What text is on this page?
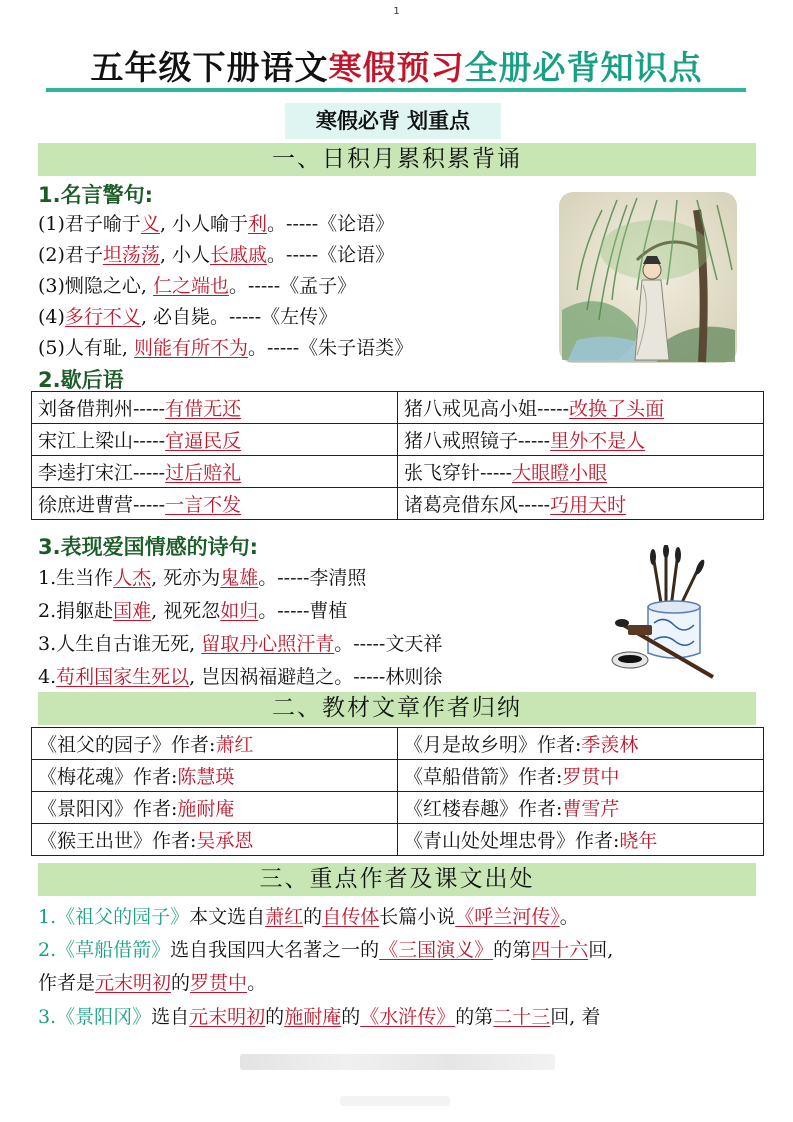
1
五年级下册语文寒假预习全册必背知识点
寒假必背 划重点
一、日积月累积累背诵
1.名言警句:
(1)君子喻于义, 小人喻于利。-----《论语》
(2)君子坦荡荡, 小人长戚戚。-----《论语》
(3)恻隐之心, 仁之端也。-----《孟子》
(4)多行不义, 必自毙。-----《左传》
(5)人有耻, 则能有所不为。-----《朱子语类》
2.歇后语
刘备借荆州-----有借无还	猪八戒见高小姐-----改换了头面
宋江上梁山-----官逼民反	猪八戒照镜子-----里外不是人
李逵打宋江-----过后赔礼	张飞穿针-----大眼瞪小眼
徐庶进曹营-----一言不发	诸葛亮借东风-----巧用天时
3.表现爱国情感的诗句:
1.生当作人杰, 死亦为鬼雄。-----李清照
2.捐躯赴国难, 视死忽如归。-----曹植
3.人生自古谁无死, 留取丹心照汗青。-----文天祥
4.苟利国家生死以, 岂因祸福避趋之。-----林则徐
二、教材文章作者归纳
《祖父的园子》作者:萧红	《月是故乡明》作者:季羡林
《梅花魂》作者:陈慧瑛	《草船借箭》作者:罗贯中
《景阳冈》作者:施耐庵	《红楼春趣》作者:曹雪芹
《猴王出世》作者:吴承恩	《青山处处埋忠骨》作者:晓年
三、重点作者及课文出处
1.《祖父的园子》本文选自萧红的自传体长篇小说《呼兰河传》。
2.《草船借箭》选自我国四大名著之一的《三国演义》的第四十六回,
作者是元末明初的罗贯中。
3.《景阳冈》选自元末明初的施耐庵的《水浒传》的第二十三回, 着
